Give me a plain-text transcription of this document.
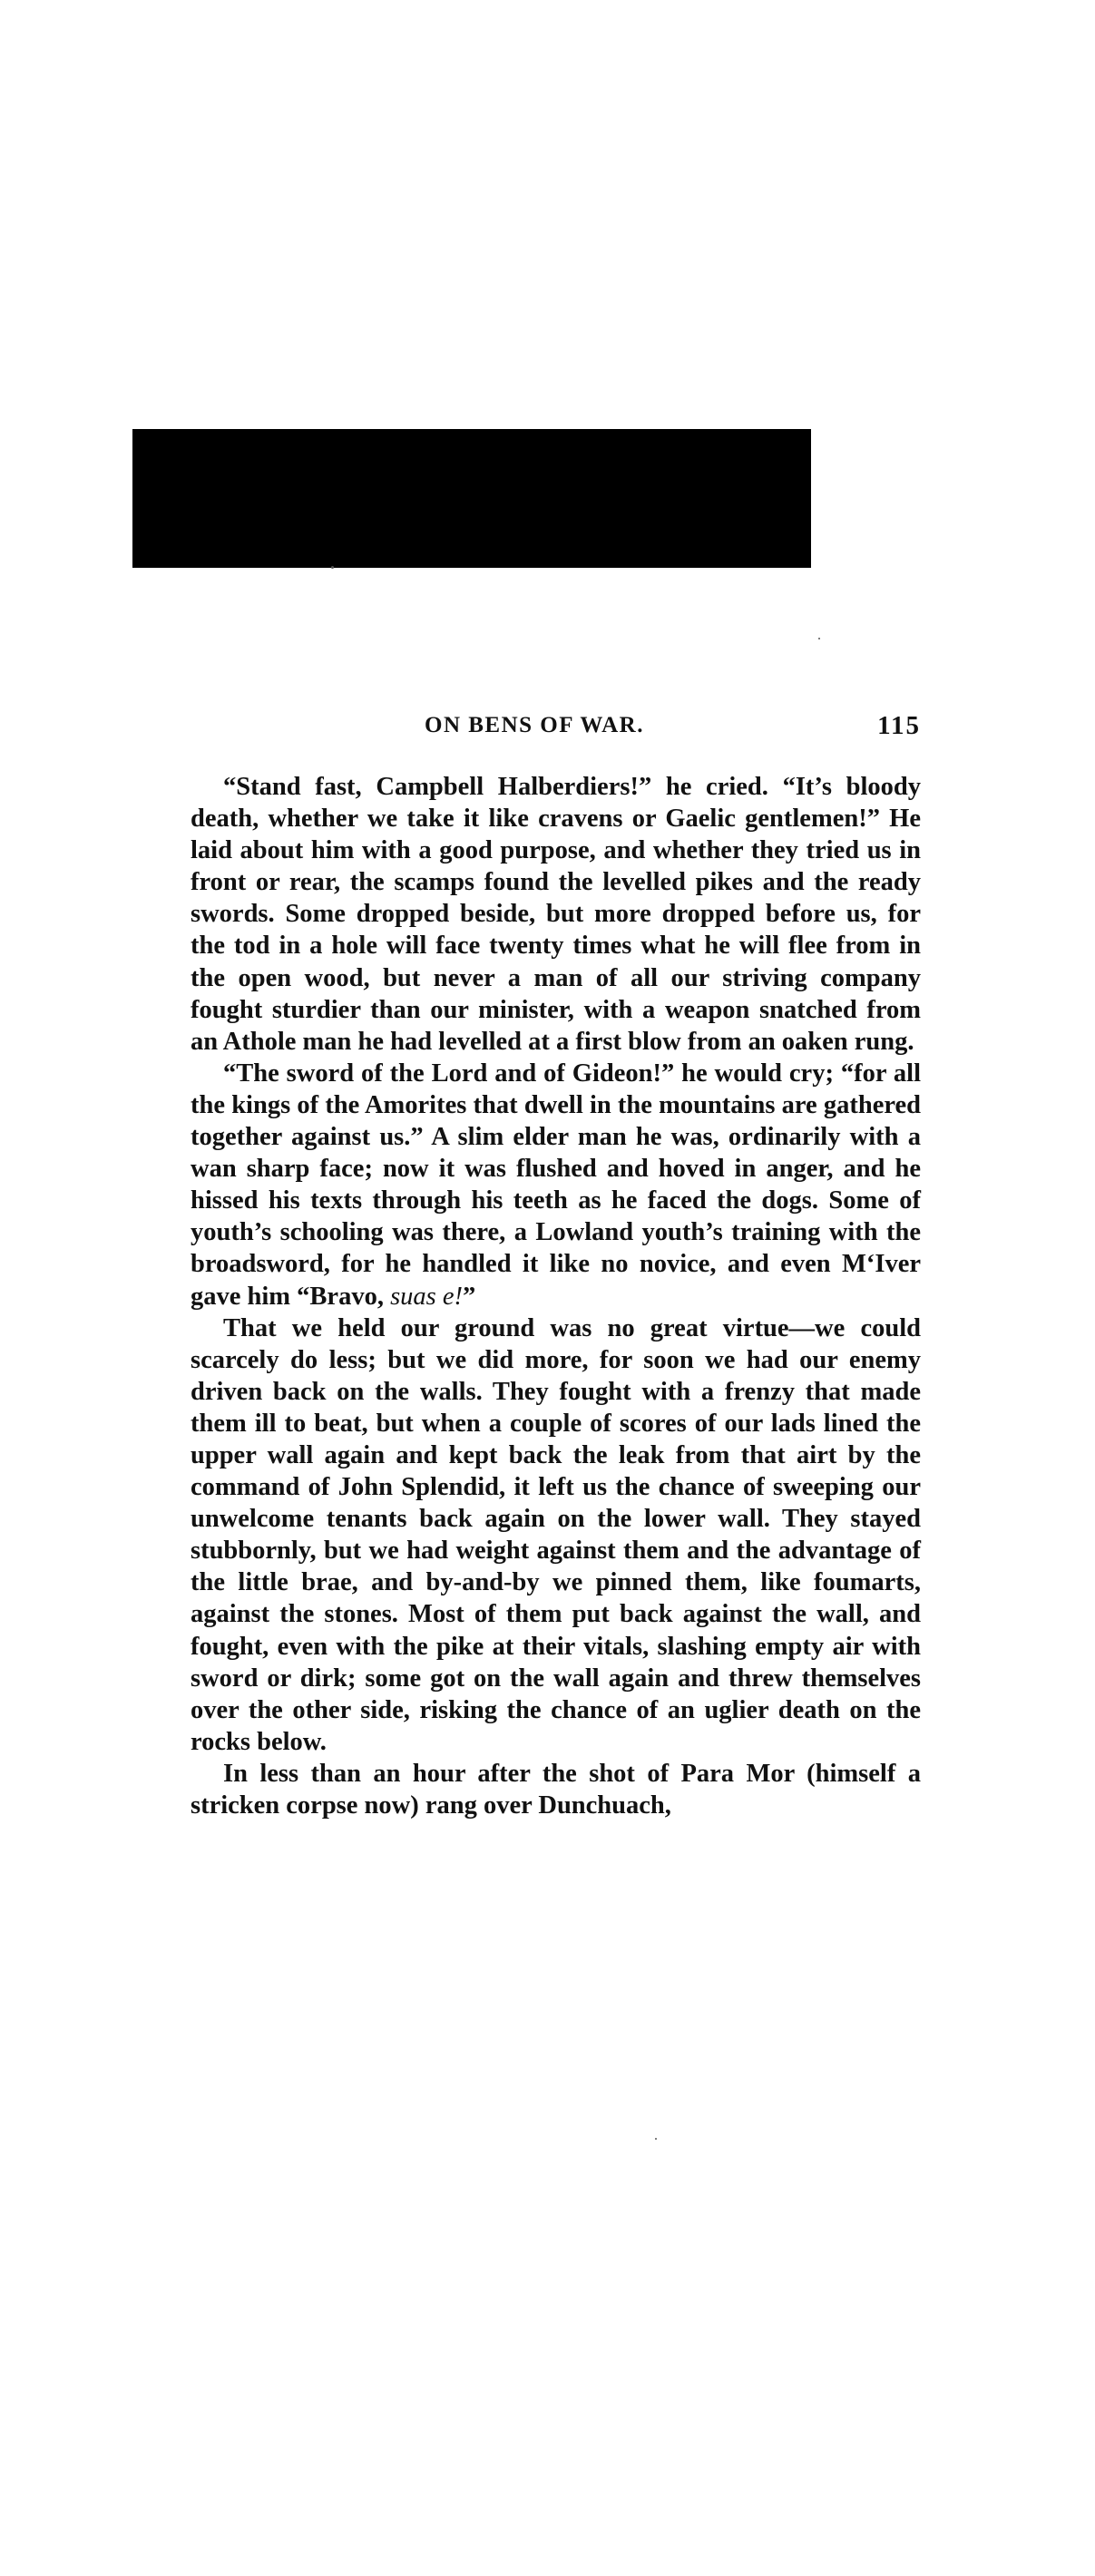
ON BENS OF WAR.	115

“Stand fast, Campbell Halberdiers!” he cried. “It’s bloody death, whether we take it like cravens or Gaelic gentlemen!” He laid about him with a good purpose, and whether they tried us in front or rear, the scamps found the levelled pikes and the ready swords. Some dropped beside, but more dropped before us, for the tod in a hole will face twenty times what he will flee from in the open wood, but never a man of all our striving company fought sturdier than our minister, with a weapon snatched from an Athole man he had levelled at a first blow from an oaken rung.

“The sword of the Lord and of Gideon!” he would cry; “for all the kings of the Amorites that dwell in the mountains are gathered together against us.” A slim elder man he was, ordinarily with a wan sharp face; now it was flushed and hoved in anger, and he hissed his texts through his teeth as he faced the dogs. Some of youth’s schooling was there, a Lowland youth’s training with the broadsword, for he handled it like no novice, and even M‘Iver gave him “Bravo, suas e!”

That we held our ground was no great virtue—we could scarcely do less; but we did more, for soon we had our enemy driven back on the walls. They fought with a frenzy that made them ill to beat, but when a couple of scores of our lads lined the upper wall again and kept back the leak from that airt by the command of John Splendid, it left us the chance of sweeping our unwelcome tenants back again on the lower wall. They stayed stubbornly, but we had weight against them and the advantage of the little brae, and by-and-by we pinned them, like foumarts, against the stones. Most of them put back against the wall, and fought, even with the pike at their vitals, slashing empty air with sword or dirk; some got on the wall again and threw themselves over the other side, risking the chance of an uglier death on the rocks below.

In less than an hour after the shot of Para Mor (himself a stricken corpse now) rang over Dunchuach,
